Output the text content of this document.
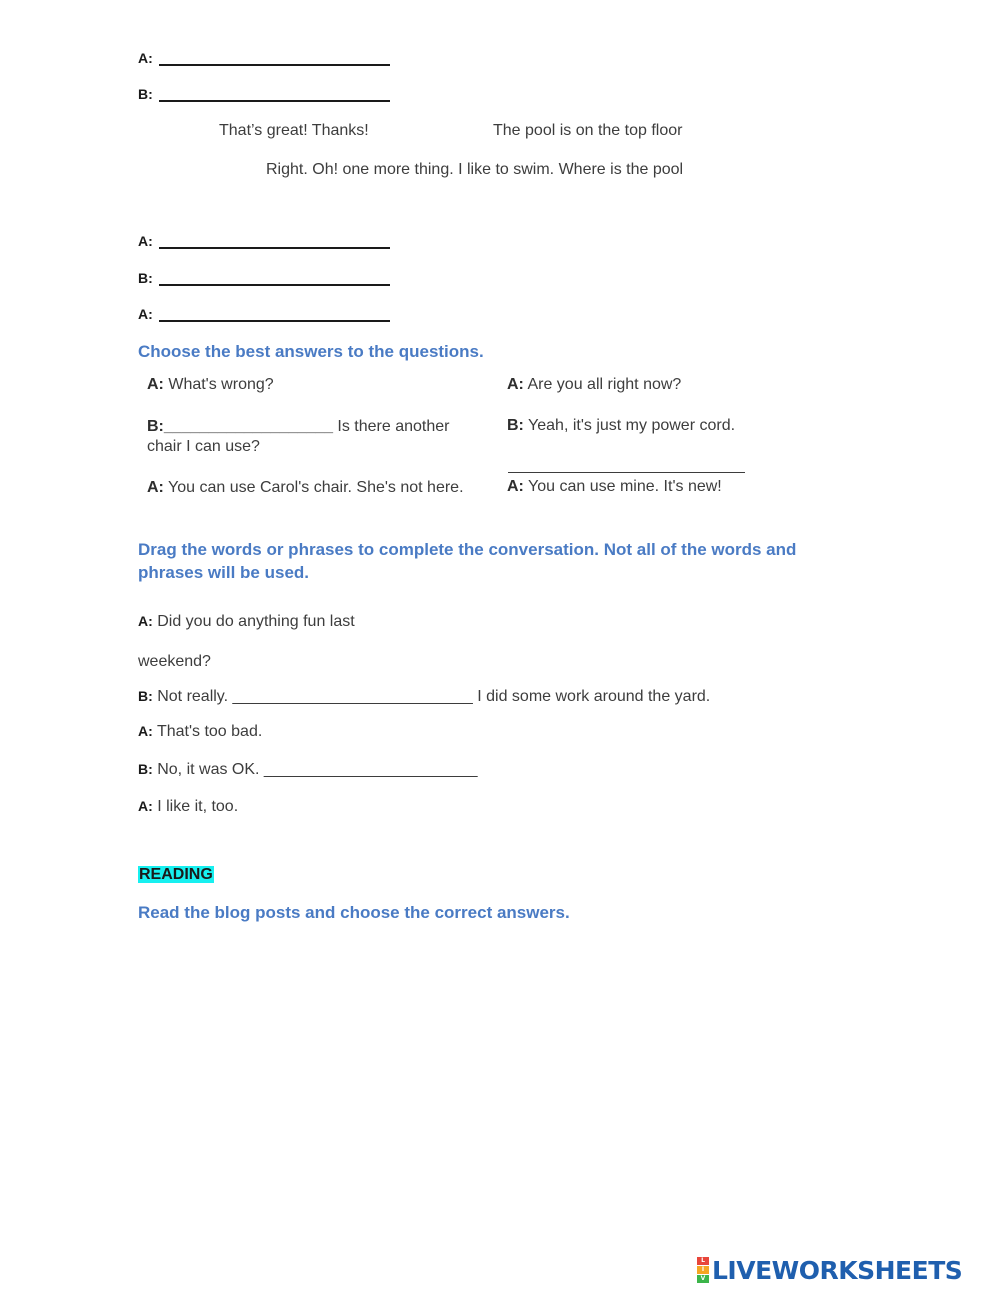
A:
B:
That’s great! Thanks!	The pool is on the top floor
Right. Oh! one more thing. I like to swim. Where is the pool
A:
B:
A:
Choose the best answers to the questions.
A: What's wrong?
B:___________________ Is there another chair I can use?
A: You can use Carol's chair. She's not here.
A: Are you all right now?
B: Yeah, it's just my power cord.
A: You can use mine. It's new!
Drag the words or phrases to complete the conversation. Not all of the words and phrases will be used.
A: Did you do anything fun last
weekend?
B: Not really. ___________________________ I did some work around the yard.
A: That's too bad.
B: No, it was OK. ________________________
A: I like it, too.
READING
Read the blog posts and choose the correct answers.
L
I
V LIVEWORKSHEETS
